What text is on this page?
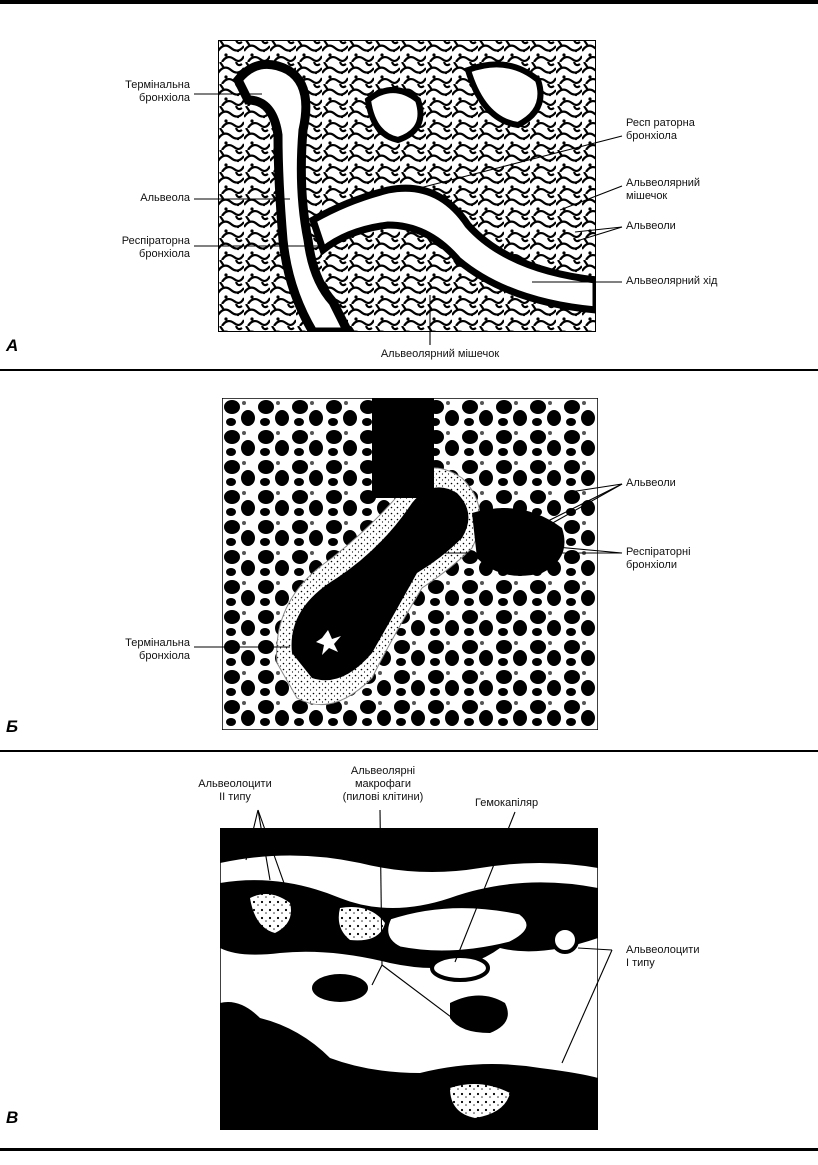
Термінальна
бронхіола
Альвеола
Респіраторна
бронхіола
Респ раторна
бронхіола
Альвеолярний
мішечок
Альвеоли
Альвеолярний хід
Альвеолярний мішечок
А
Альвеоли
Респіраторні
бронхіоли
Термінальна
бронхіола
Б
Альвеолоцити
II типу
Альвеолярні
макрофаги
(пилові клітини)	Гемокапіляр
Альвеолоцити
I типу
В
